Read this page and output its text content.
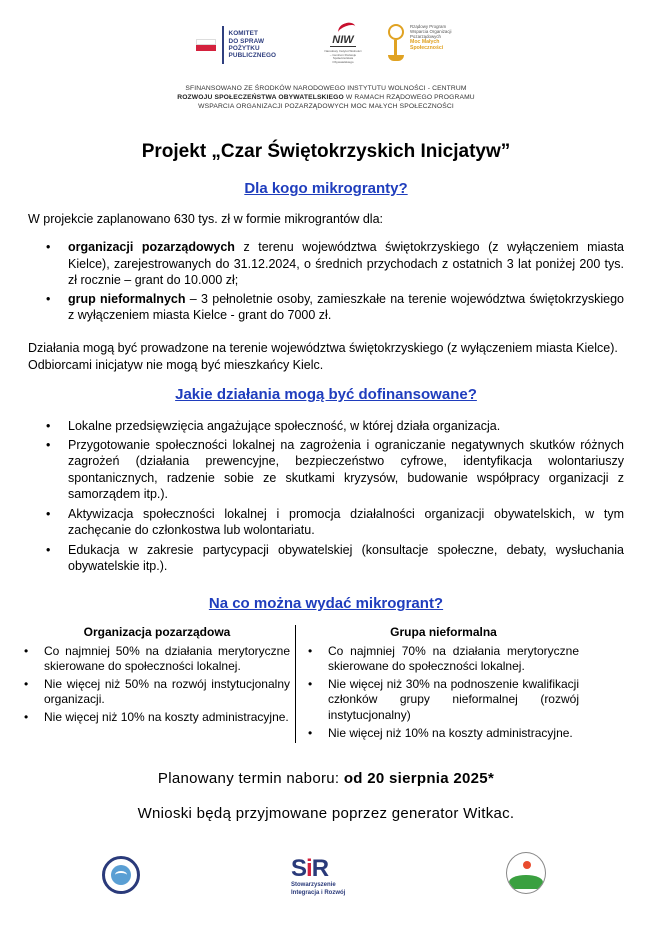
KOMITET
DO SPRAW
POŻYTKU
PUBLICZNEGO
NIW
Narodowy Instytut Wolności – Centrum Rozwoju Społeczeństwa Obywatelskiego
Rządowy Program Wsparcia Organizacji Pozarządowych
Moc Małych Społeczności
SFINANSOWANO ZE ŚRODKÓW NARODOWEGO INSTYTUTU WOLNOŚCI - CENTRUM
ROZWOJU SPOŁECZEŃSTWA OBYWATELSKIEGO W RAMACH RZĄDOWEGO PROGRAMU
WSPARCIA ORGANIZACJI POZARZĄDOWYCH MOC MAŁYCH SPOŁECZNOŚCI
Projekt „Czar Świętokrzyskich Inicjatyw”
Dla kogo mikrogranty?
W projekcie zaplanowano 630 tys. zł w formie mikrograntów dla:
• organizacji pozarządowych z terenu województwa świętokrzyskiego (z wyłączeniem miasta Kielce), zarejestrowanych do 31.12.2024, o średnich przychodach z ostatnich 3 lat poniżej 200 tys. zł rocznie – grant do 10.000 zł;
• grup nieformalnych – 3 pełnoletnie osoby, zamieszkałe na terenie województwa świętokrzyskiego z wyłączeniem miasta Kielce - grant do 7000 zł.
Działania mogą być prowadzone na terenie województwa świętokrzyskiego (z wyłączeniem miasta Kielce). Odbiorcami inicjatyw nie mogą być mieszkańcy Kielc.
Jakie działania mogą być dofinansowane?
• Lokalne przedsięwzięcia angażujące społeczność, w której działa organizacja.
• Przygotowanie społeczności lokalnej na zagrożenia i ograniczanie negatywnych skutków różnych zagrożeń (działania prewencyjne, bezpieczeństwo cyfrowe, identyfikacja wolontariuszy spontanicznych, radzenie sobie ze skutkami kryzysów, budowanie współpracy organizacji z samorządem itp.).
• Aktywizacja społeczności lokalnej i promocja działalności organizacji obywatelskich, w tym zachęcanie do członkostwa lub wolontariatu.
• Edukacja w zakresie partycypacji obywatelskiej (konsultacje społeczne, debaty, wysłuchania obywatelskie itp.).
Na co można wydać mikrogrant?
Organizacja pozarządowa
• Co najmniej 50% na działania merytoryczne skierowane do społeczności lokalnej.
• Nie więcej niż 50% na rozwój instytucjonalny organizacji.
• Nie więcej niż 10% na koszty administracyjne.
Grupa nieformalna
• Co najmniej 70% na działania merytoryczne skierowane do społeczności lokalnej.
• Nie więcej niż 30% na podnoszenie kwalifikacji członków grupy nieformalnej (rozwój instytucjonalny)
• Nie więcej niż 10% na koszty administracyjne.
Planowany termin naboru: od 20 sierpnia 2025*
Wnioski będą przyjmowane poprzez generator Witkac.
SiR
Stowarzyszenie
Integracja i Rozwój
